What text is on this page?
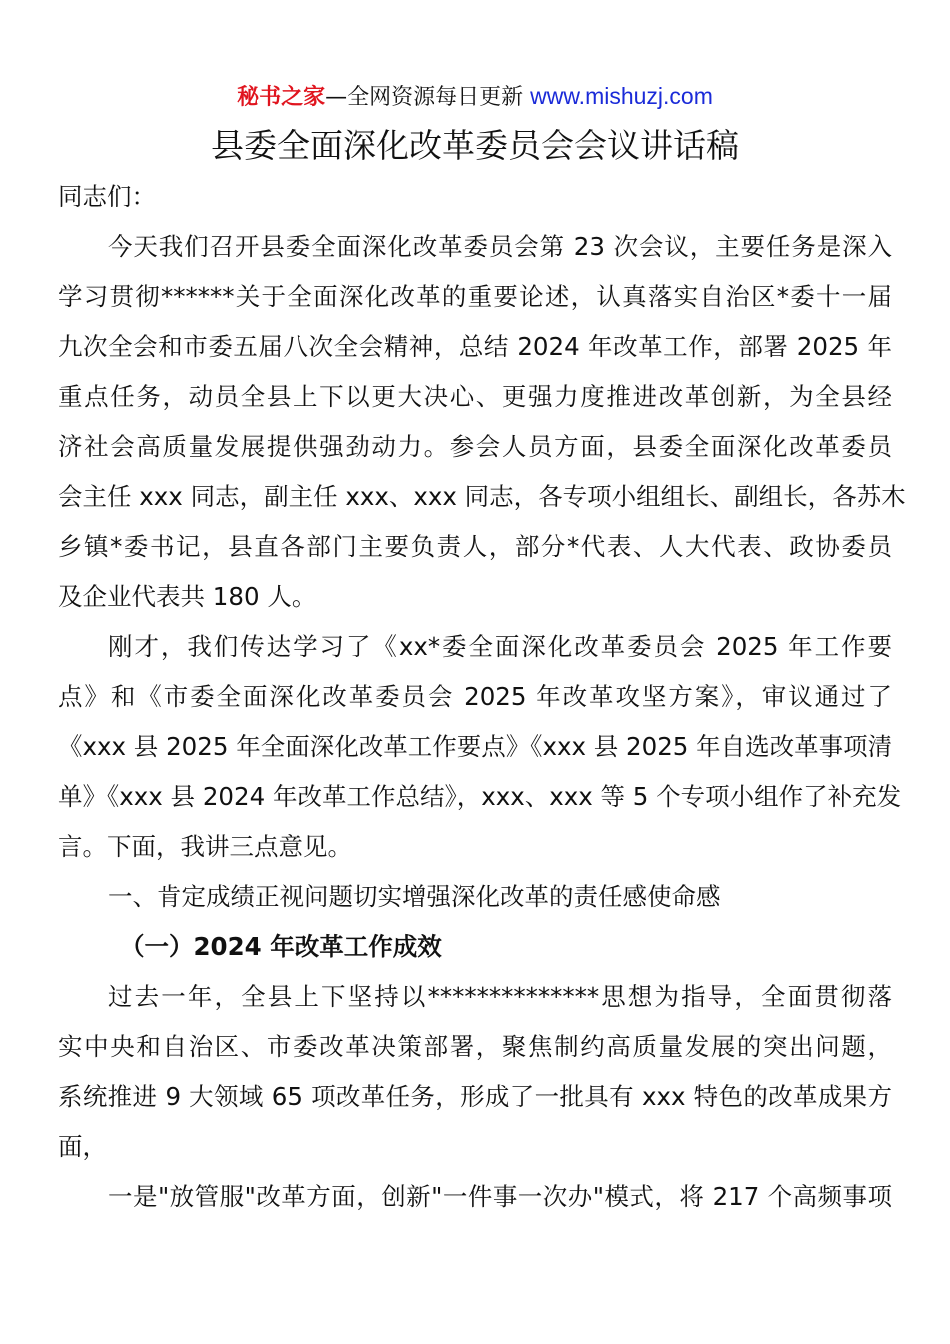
秘书之家—全网资源每日更新 www.mishuzj.com
县委全面深化改革委员会会议讲话稿
同志们：
今天我们召开县委全面深化改革委员会第 23 次会议，主要任务是深入
学习贯彻******关于全面深化改革的重要论述，认真落实自治区*委十一届
九次全会和市委五届八次全会精神，总结 2024 年改革工作，部署 2025 年
重点任务，动员全县上下以更大决心、更强力度推进改革创新，为全县经
济社会高质量发展提供强劲动力。参会人员方面，县委全面深化改革委员
会主任 xxx 同志，副主任 xxx、xxx 同志，各专项小组组长、副组长，各苏木
乡镇*委书记，县直各部门主要负责人，部分*代表、人大代表、政协委员
及企业代表共 180 人。
刚才，我们传达学习了《xx*委全面深化改革委员会 2025 年工作要
点》和《市委全面深化改革委员会 2025 年改革攻坚方案》，审议通过了
《xxx 县 2025 年全面深化改革工作要点》《xxx 县 2025 年自选改革事项清
单》《xxx 县 2024 年改革工作总结》，xxx、xxx 等 5 个专项小组作了补充发
言。下面，我讲三点意见。
一、肯定成绩正视问题切实增强深化改革的责任感使命感
（一）2024 年改革工作成效
过去一年，全县上下坚持以**************思想为指导，全面贯彻落
实中央和自治区、市委改革决策部署，聚焦制约高质量发展的突出问题，
系统推进 9 大领域 65 项改革任务，形成了一批具有 xxx 特色的改革成果方
面，
一是"放管服"改革方面，创新"一件事一次办"模式，将 217 个高频事项
